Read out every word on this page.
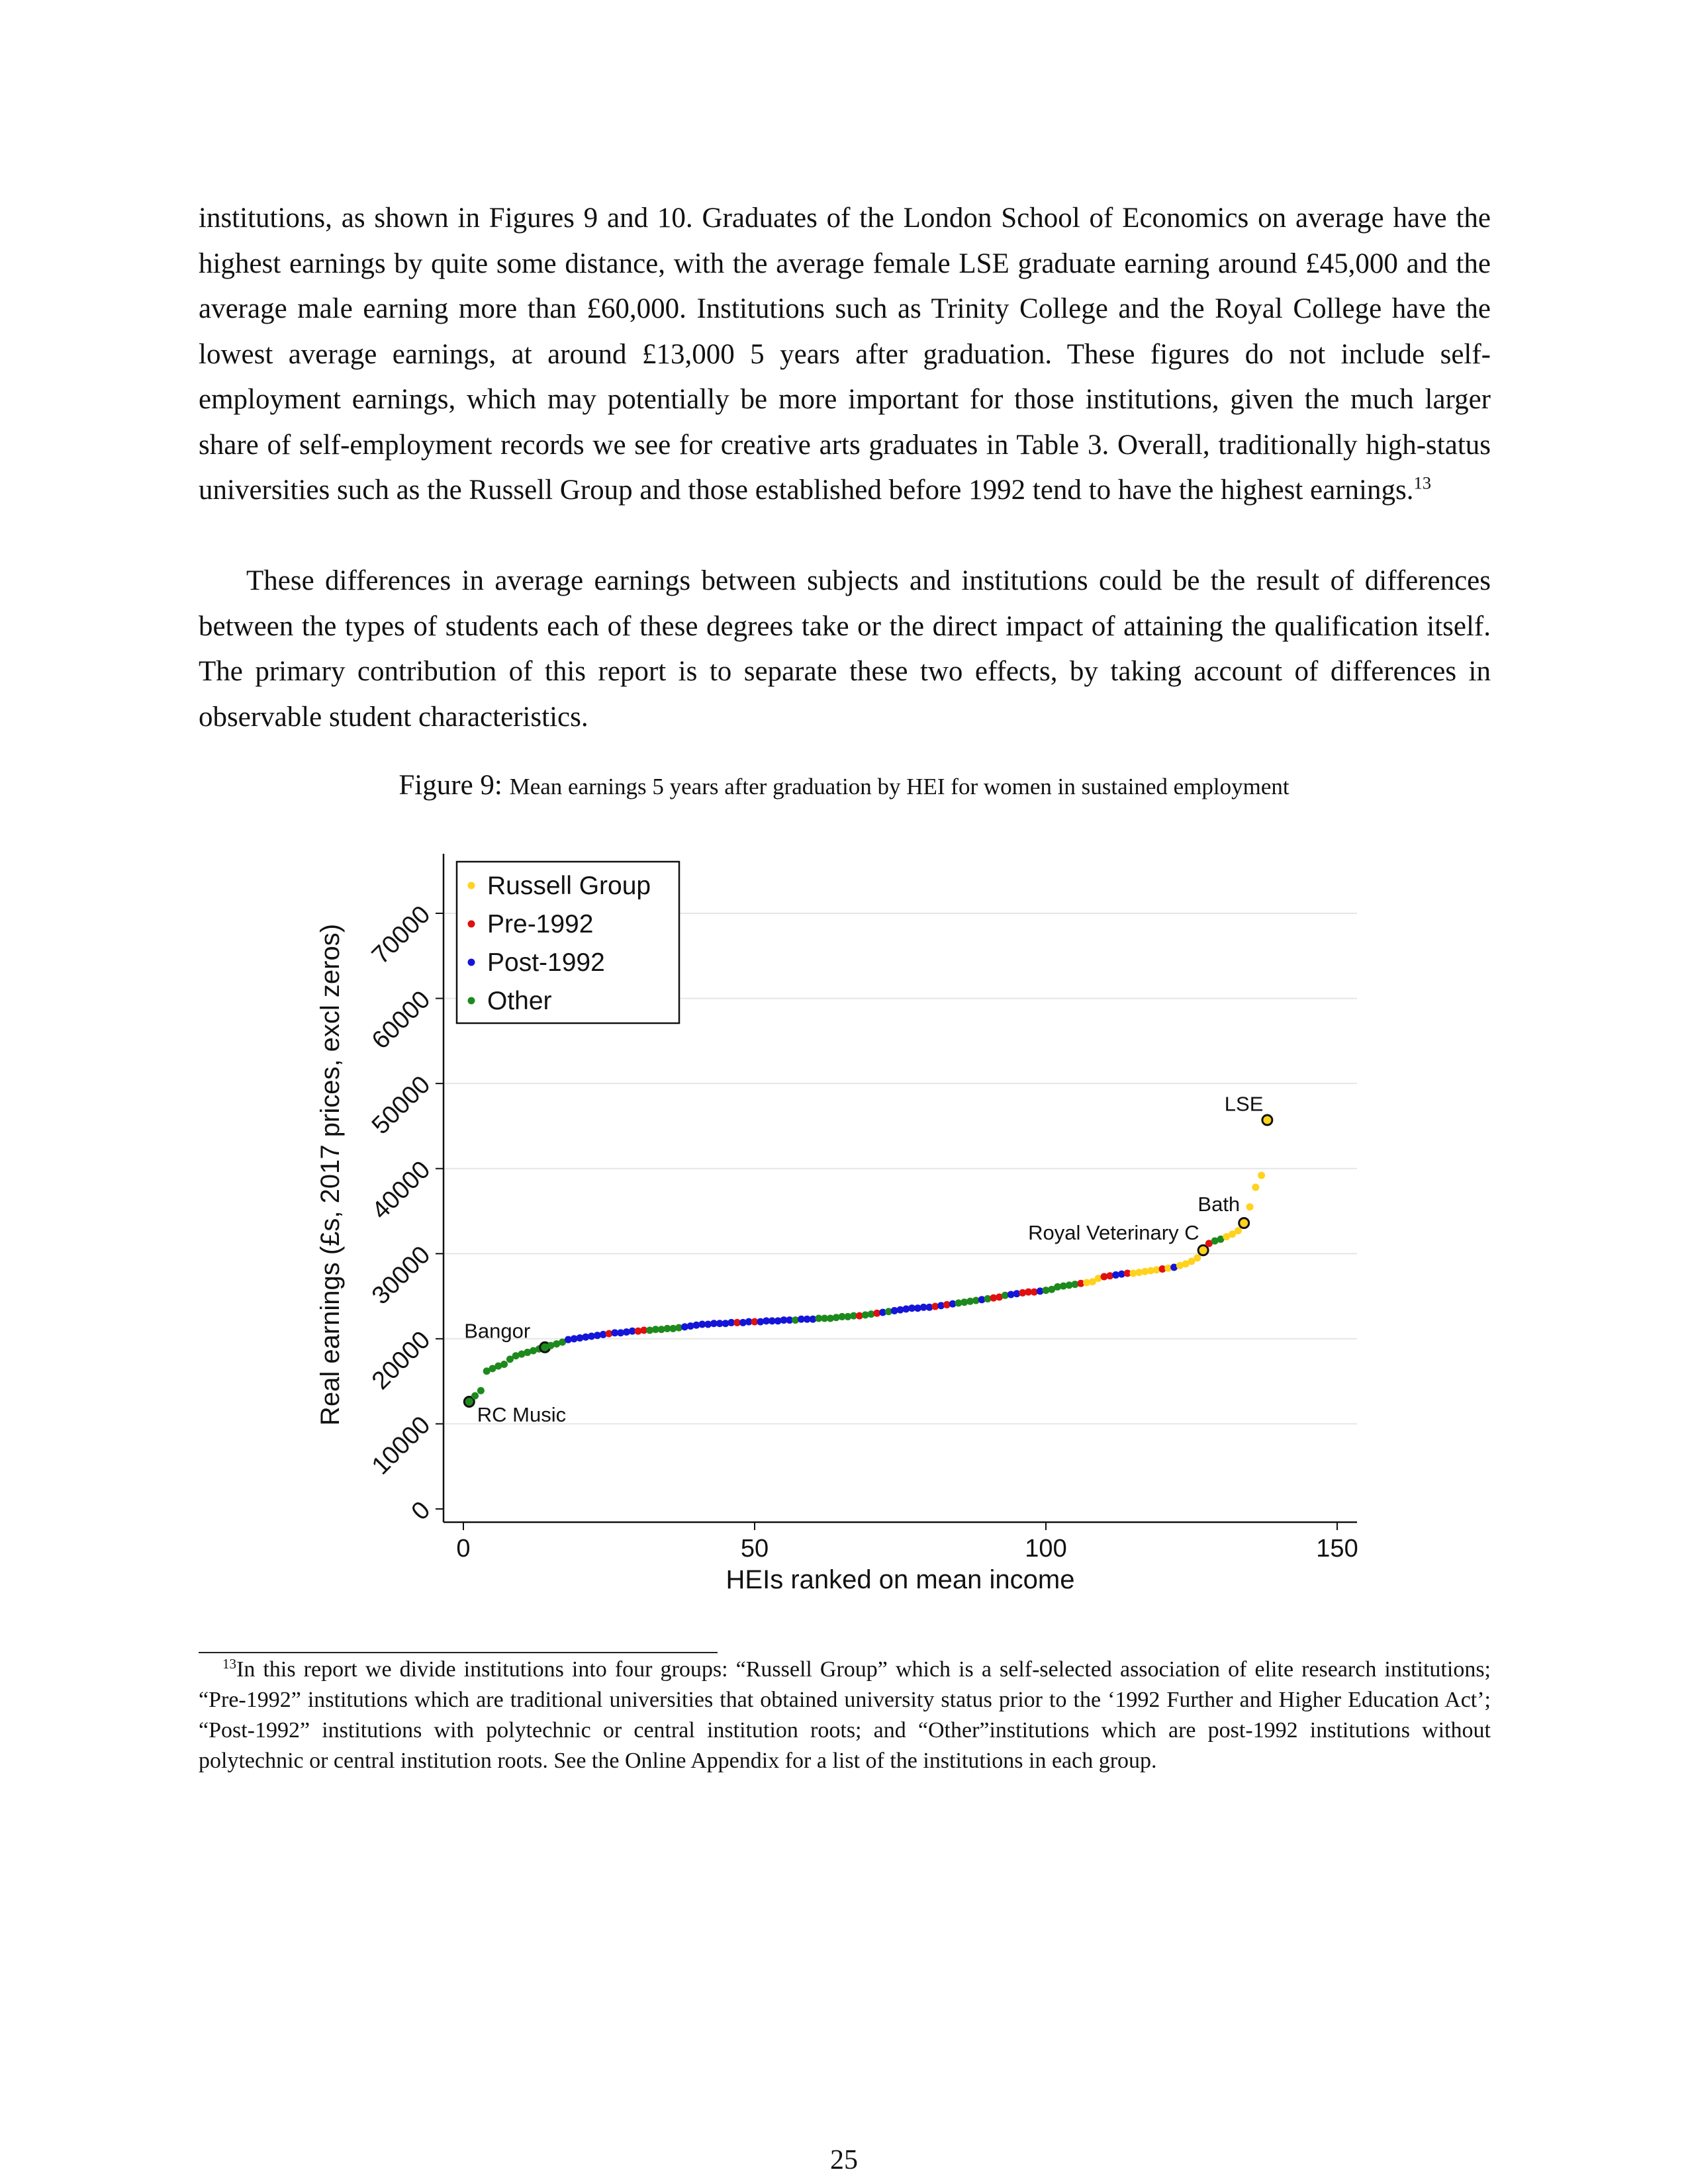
institutions, as shown in Figures 9 and 10. Graduates of the London School of Economics on average have the highest earnings by quite some distance, with the average female LSE graduate earning around £45,000 and the average male earning more than £60,000. Institutions such as Trinity College and the Royal College have the lowest average earnings, at around £13,000 5 years after graduation. These figures do not include self-employment earnings, which may potentially be more important for those institutions, given the much larger share of self-employment records we see for creative arts graduates in Table 3. Overall, traditionally high-status universities such as the Russell Group and those established before 1992 tend to have the highest earnings.$^{13}$

These differences in average earnings between subjects and institutions could be the result of differences between the types of students each of these degrees take or the direct impact of attaining the qualification itself. The primary contribution of this report is to separate these two effects, by taking account of differences in observable student characteristics.

Figure 9: Mean earnings 5 years after graduation by HEI for women in sustained employment
0
10000
20000
30000
40000
50000
60000
70000
0	50	100	150
HEIs ranked on mean income
Real earnings (£s, 2017 prices, excl zeros)	RC Music
Bangor
Royal Veterinary C
Bath
LSE
Russell Group
Pre-1992
Post-1992
Other

$^{13}$In this report we divide institutions into four groups: “Russell Group” which is a self-selected association of elite research institutions; “Pre-1992” institutions which are traditional universities that obtained university status prior to the ‘1992 Further and Higher Education Act’; “Post-1992” institutions with polytechnic or central institution roots; and “Other”institutions which are post-1992 institutions without polytechnic or central institution roots. See the Online Appendix for a list of the institutions in each group.

25
